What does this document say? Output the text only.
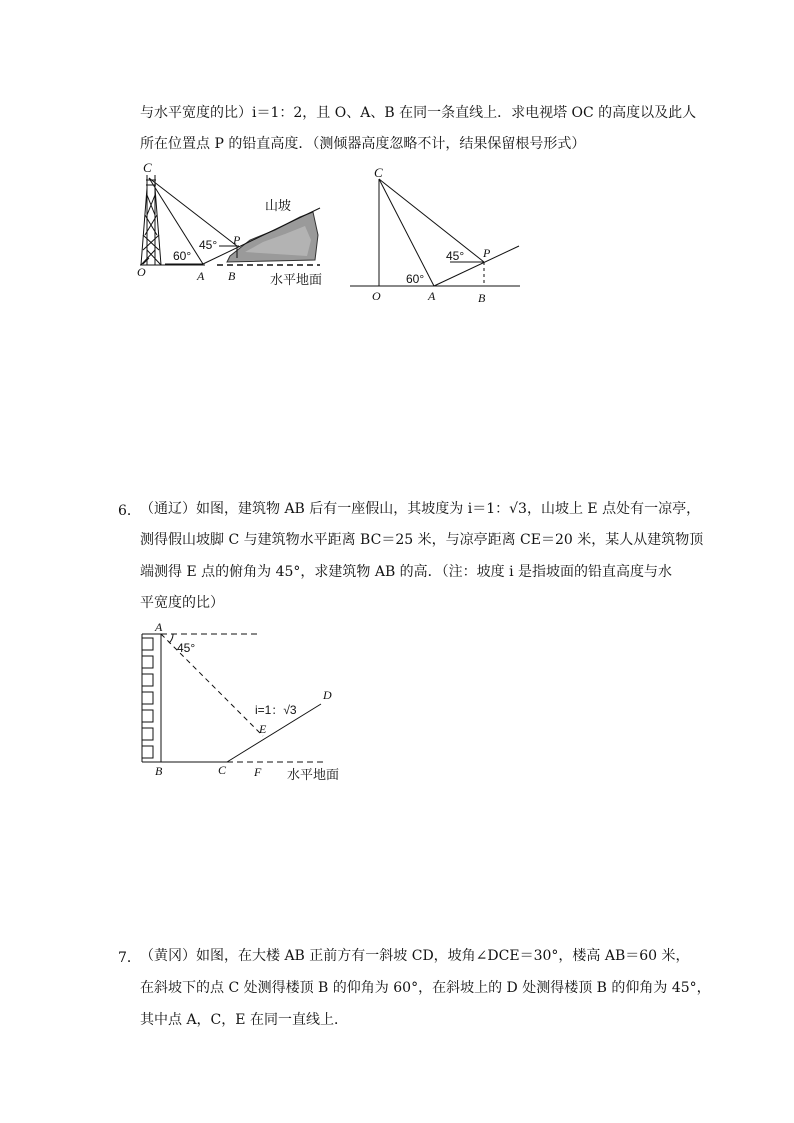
与水平宽度的比）i＝1：2，且 O、A、B 在同一条直线上．求电视塔 OC 的高度以及此人
所在位置点 P 的铅直高度．（测倾器高度忽略不计，结果保留根号形式）
C
P
O	A B
60°
45°
山坡
水平地面
C
P
O	A	B
60°
45°
6． （通辽）如图，建筑物 AB 后有一座假山，其坡度为 i＝1：√3，山坡上 E 点处有一凉亭，
测得假山坡脚 C 与建筑物水平距离 BC＝25 米，与凉亭距离 CE＝20 米，某人从建筑物顶
端测得 E 点的俯角为 45°，求建筑物 AB 的高．（注：坡度 i 是指坡面的铅直高度与水
平宽度的比）
A
B	C
D
E
F
45°
i=1：√3
水平地面
7． （黄冈）如图，在大楼 AB 正前方有一斜坡 CD，坡角∠DCE＝30°，楼高 AB＝60 米，
在斜坡下的点 C 处测得楼顶 B 的仰角为 60°，在斜坡上的 D 处测得楼顶 B 的仰角为 45°，
其中点 A，C，E 在同一直线上．
